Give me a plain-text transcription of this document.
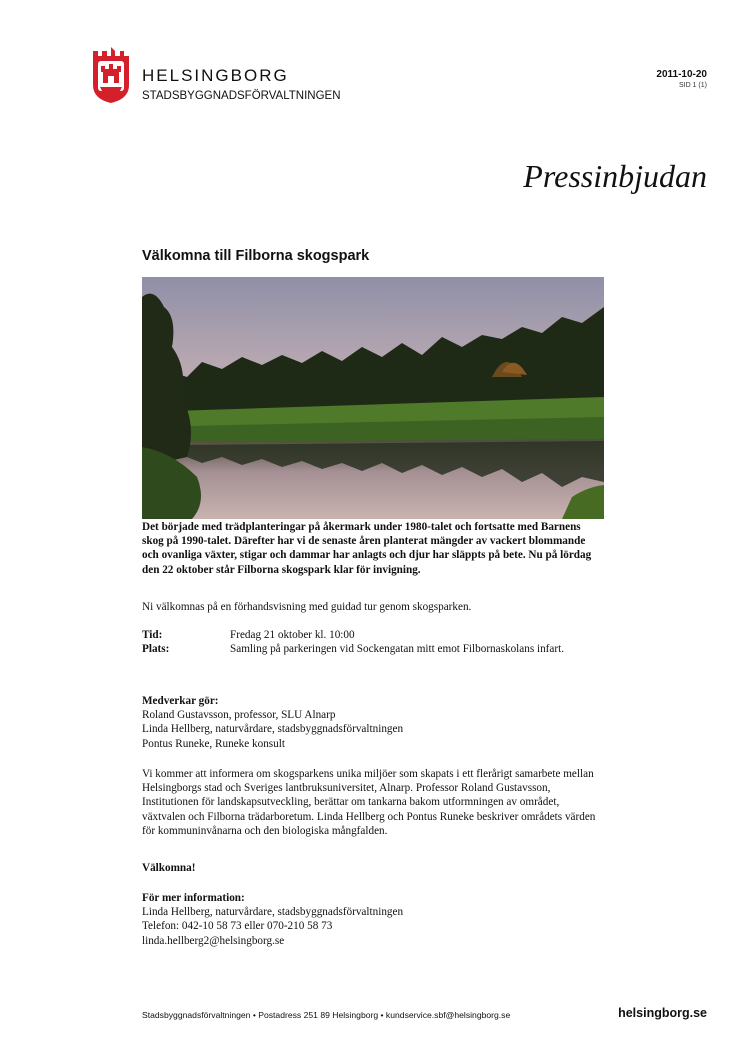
HELSINGBORG
STADSBYGGNADSFÖRVALTNINGEN
2011-10-20
SID 1 (1)
Pressinbjudan
Välkomna till Filborna skogspark
Det började med trädplanteringar på åkermark under 1980-talet och fortsatte med Barnens skog på 1990-talet. Därefter har vi de senaste åren planterat mängder av vackert blommande och ovanliga växter, stigar och dammar har anlagts och djur har släppts på bete. Nu på lördag den 22 oktober står Filborna skogspark klar för invigning.
Ni välkomnas på en förhandsvisning med guidad tur genom skogsparken.
Tid:	Fredag 21 oktober kl. 10:00
Plats:	Samling på parkeringen vid Sockengatan mitt emot Filbornaskolans infart.
Medverkar gör:
Roland Gustavsson, professor, SLU Alnarp
Linda Hellberg, naturvårdare, stadsbyggnadsförvaltningen
Pontus Runeke, Runeke konsult
Vi kommer att informera om skogsparkens unika miljöer som skapats i ett flerårigt samarbete mellan Helsingborgs stad och Sveriges lantbruksuniversitet, Alnarp. Professor Roland Gustavsson, Institutionen för landskapsutveckling, berättar om tankarna bakom utformningen av området, växtvalen och Filborna trädarboretum. Linda Hellberg och Pontus Runeke beskriver områdets värden för kommuninvånarna och den biologiska mångfalden.
Välkomna!
För mer information:
Linda Hellberg, naturvårdare, stadsbyggnadsförvaltningen
Telefon: 042-10 58 73 eller 070-210 58 73
linda.hellberg2@helsingborg.se
Stadsbyggnadsförvaltningen • Postadress 251 89 Helsingborg • kundservice.sbf@helsingborg.se	helsingborg.se
